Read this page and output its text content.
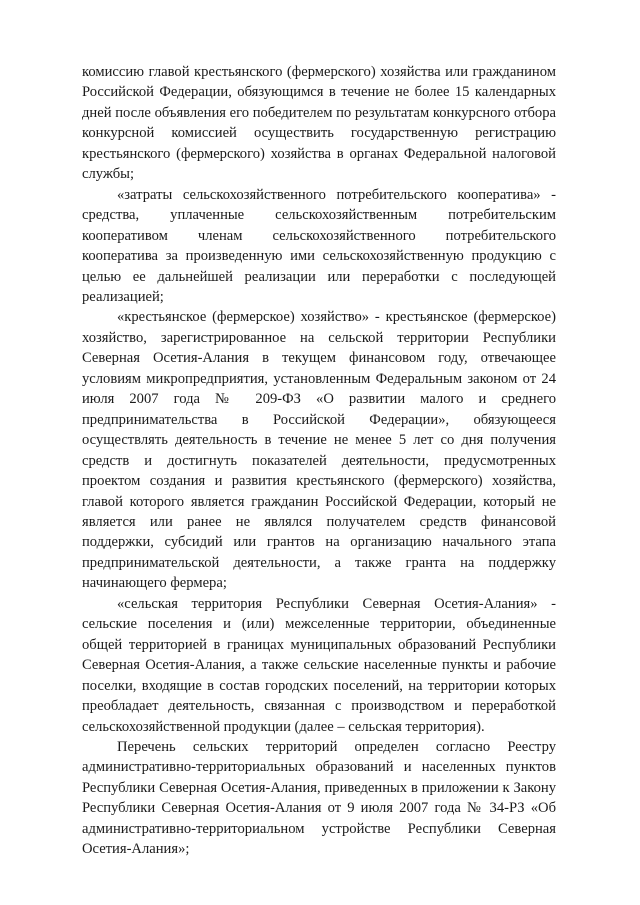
комиссию главой крестьянского (фермерского) хозяйства или гражданином Российской Федерации, обязующимся в течение не более 15 календарных дней после объявления его победителем по результатам конкурсного отбора конкурсной комиссией осуществить государственную регистрацию крестьянского (фермерского) хозяйства в органах Федеральной налоговой службы;

«затраты сельскохозяйственного потребительского кооператива» - средства, уплаченные сельскохозяйственным потребительским кооперативом членам сельскохозяйственного потребительского кооператива за произведенную ими сельскохозяйственную продукцию с целью ее дальнейшей реализации или переработки с последующей реализацией;

«крестьянское (фермерское) хозяйство» - крестьянское (фермерское) хозяйство, зарегистрированное на сельской территории Республики Северная Осетия-Алания в текущем финансовом году, отвечающее условиям микропредприятия, установленным Федеральным законом от 24 июля 2007 года № 209-ФЗ «О развитии малого и среднего предпринимательства в Российской Федерации», обязующееся осуществлять деятельность в течение не менее 5 лет со дня получения средств и достигнуть показателей деятельности, предусмотренных проектом создания и развития крестьянского (фермерского) хозяйства, главой которого является гражданин Российской Федерации, который не является или ранее не являлся получателем средств финансовой поддержки, субсидий или грантов на организацию начального этапа предпринимательской деятельности, а также гранта на поддержку начинающего фермера;

«сельская территория Республики Северная Осетия-Алания» - сельские поселения и (или) межселенные территории, объединенные общей территорией в границах муниципальных образований Республики Северная Осетия-Алания, а также сельские населенные пункты и рабочие поселки, входящие в состав городских поселений, на территории которых преобладает деятельность, связанная с производством и переработкой сельскохозяйственной продукции (далее – сельская территория).

Перечень сельских территорий определен согласно Реестру административно-территориальных образований и населенных пунктов Республики Северная Осетия-Алания, приведенных в приложении к Закону Республики Северная Осетия-Алания от 9 июля 2007 года № 34-РЗ «Об административно-территориальном устройстве Республики Северная Осетия-Алания»;
